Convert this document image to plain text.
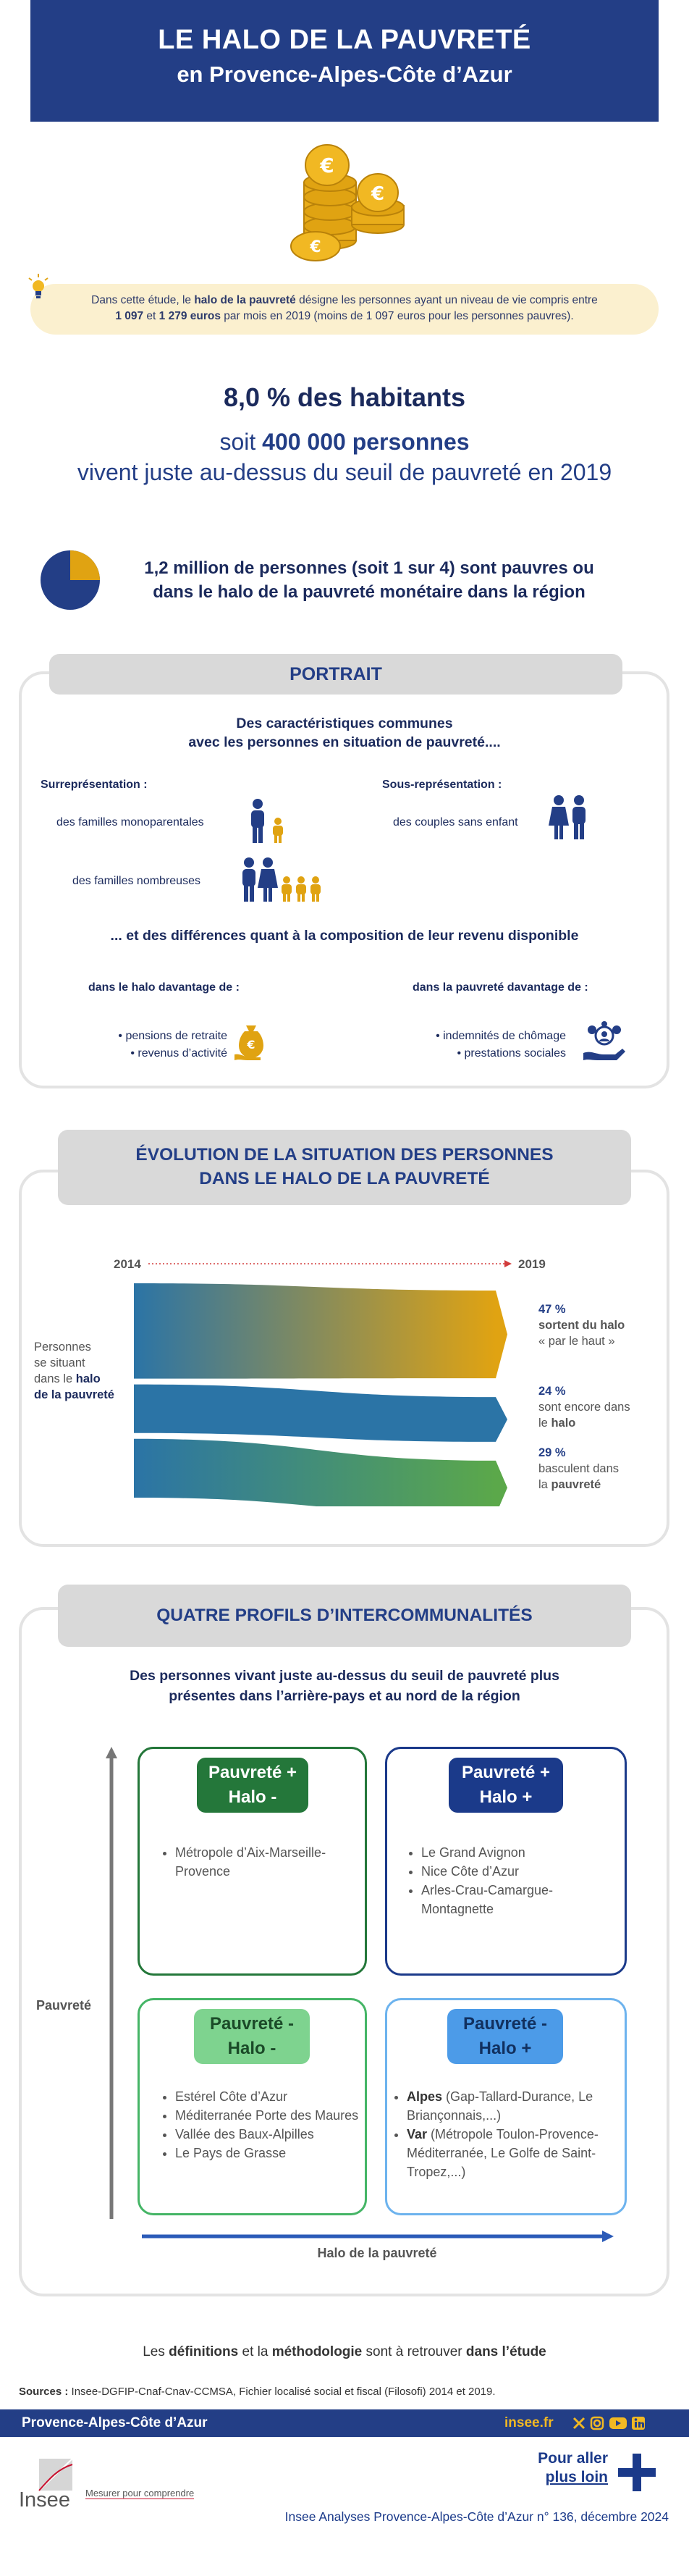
LE HALO DE LA PAUVRETÉ
en Provence-Alpes-Côte d’Azur
€
€
€
Dans cette étude, le halo de la pauvreté désigne les personnes ayant un niveau de vie compris entre
1 097 et 1 279 euros par mois en 2019 (moins de 1 097 euros pour les personnes pauvres).
8,0 % des habitants
soit 400 000 personnes
vivent juste au-dessus du seuil de pauvreté en 2019
1,2 million de personnes (soit 1 sur 4) sont pauvres ou
dans le halo de la pauvreté monétaire dans la région
PORTRAIT
Des caractéristiques communes
avec les personnes en situation de pauvreté....
Surreprésentation :
des familles monoparentales
des familles nombreuses
Sous-représentation :
des couples sans enfant
... et des différences quant à la composition de leur revenu disponible
dans le halo davantage de :	dans la pauvreté davantage de :
• pensions de retraite
• revenus d’activité
• indemnités de chômage
• prestations sociales
€
ÉVOLUTION DE LA SITUATION DES PERSONNES
DANS LE HALO DE LA PAUVRETÉ
2014	2019
Personnes
se situant
dans le halo
de la pauvreté
47 %
sortent du halo
« par le haut »
24 %
sont encore dans
le halo
29 %
basculent dans
la pauvreté
QUATRE PROFILS D’INTERCOMMUNALITÉS
Des personnes vivant juste au-dessus du seuil de pauvreté plus
présentes dans l’arrière-pays et au nord de la région
Pauvreté
Halo de la pauvreté
Pauvreté +
Halo -
• Métropole d’Aix-Marseille-Provence
Pauvreté +
Halo +
• Le Grand Avignon
• Nice Côte d’Azur
• Arles-Crau-Camargue-Montagnette
Pauvreté -
Halo -
• Estérel Côte d’Azur
• Méditerranée Porte des Maures
• Vallée des Baux-Alpilles
• Le Pays de Grasse
Pauvreté -
Halo +
• Alpes (Gap-Tallard-Durance, Le Briançonnais,...)
• Var (Métropole Toulon-Provence-Méditerranée, Le Golfe de Saint-Tropez,...)
Les définitions et la méthodologie sont à retrouver dans l’étude
Sources : Insee-DGFIP-Cnaf-Cnav-CCMSA, Fichier localisé social et fiscal (Filosofi) 2014 et 2019.
Provence-Alpes-Côte d’Azur	insee.fr

Insee Mesurer pour comprendre
Pour aller
plus loin
Insee Analyses Provence-Alpes-Côte d’Azur n° 136, décembre 2024
